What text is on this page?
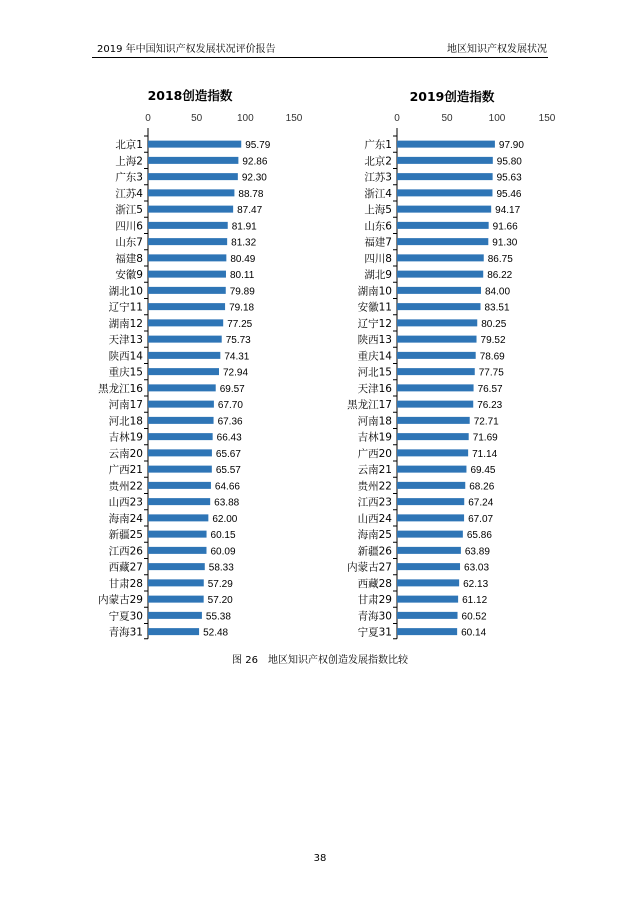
2019 年中国知识产权发展状况评价报告	地区知识产权发展状况
2018创造指数
0	50	100	150
北京1	95.79
上海2	92.86
广东3	92.30
江苏4	88.78
浙江5	87.47
四川6	81.91
山东7	81.32
福建8	80.49
安徽9	80.11
湖北10	79.89
辽宁11	79.18
湖南12	77.25
天津13	75.73
陕西14	74.31
重庆15	72.94
黑龙江16	69.57
河南17	67.70
河北18	67.36
吉林19	66.43
云南20	65.67
广西21	65.57
贵州22	64.66
山西23	63.88
海南24	62.00
新疆25	60.15
江西26	60.09
西藏27	58.33
甘肃28	57.29
内蒙古29	57.20
宁夏30	55.38
青海31	52.48
2019创造指数
0	50	100	150
广东1	97.90
北京2	95.80
江苏3	95.63
浙江4	95.46
上海5	94.17
山东6	91.66
福建7	91.30
四川8	86.75
湖北9	86.22
湖南10	84.00
安徽11	83.51
辽宁12	80.25
陕西13	79.52
重庆14	78.69
河北15	77.75
天津16	76.57
黑龙江17	76.23
河南18	72.71
吉林19	71.69
广西20	71.14
云南21	69.45
贵州22	68.26
江西23	67.24
山西24	67.07
海南25	65.86
新疆26	63.89
内蒙古27	63.03
西藏28	62.13
甘肃29	61.12
青海30	60.52
宁夏31	60.14
图 26　地区知识产权创造发展指数比较
38
